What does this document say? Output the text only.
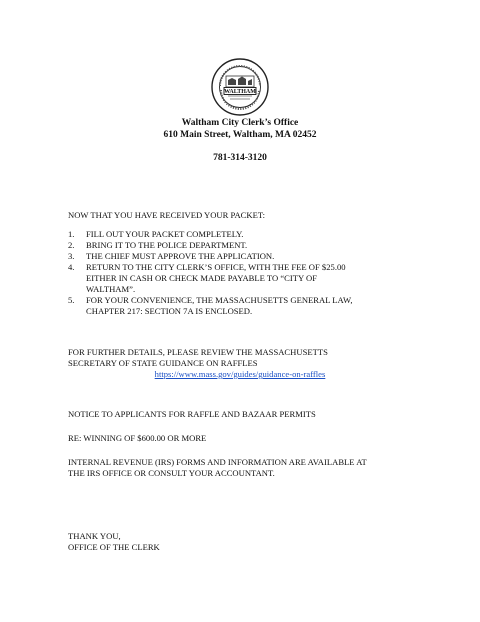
WALTHAM
Waltham City Clerk’s Office
610 Main Street, Waltham, MA 02452
781-314-3120
NOW THAT YOU HAVE RECEIVED YOUR PACKET:
1. FILL OUT YOUR PACKET COMPLETELY.
2. BRING IT TO THE POLICE DEPARTMENT.
3. THE CHIEF MUST APPROVE THE APPLICATION.
4. RETURN TO THE CITY CLERK’S OFFICE, WITH THE FEE OF $25.00
EITHER IN CASH OR CHECK MADE PAYABLE TO “CITY OF
WALTHAM”.
5. FOR YOUR CONVENIENCE, THE MASSACHUSETTS GENERAL LAW,
CHAPTER 217: SECTION 7A IS ENCLOSED.
FOR FURTHER DETAILS, PLEASE REVIEW THE MASSACHUSETTS
SECRETARY OF STATE GUIDANCE ON RAFFLES
https://www.mass.gov/guides/guidance-on-raffles
NOTICE TO APPLICANTS FOR RAFFLE AND BAZAAR PERMITS
RE: WINNING OF $600.00 OR MORE
INTERNAL REVENUE (IRS) FORMS AND INFORMATION ARE AVAILABLE AT
THE IRS OFFICE OR CONSULT YOUR ACCOUNTANT.
THANK YOU,
OFFICE OF THE CLERK
